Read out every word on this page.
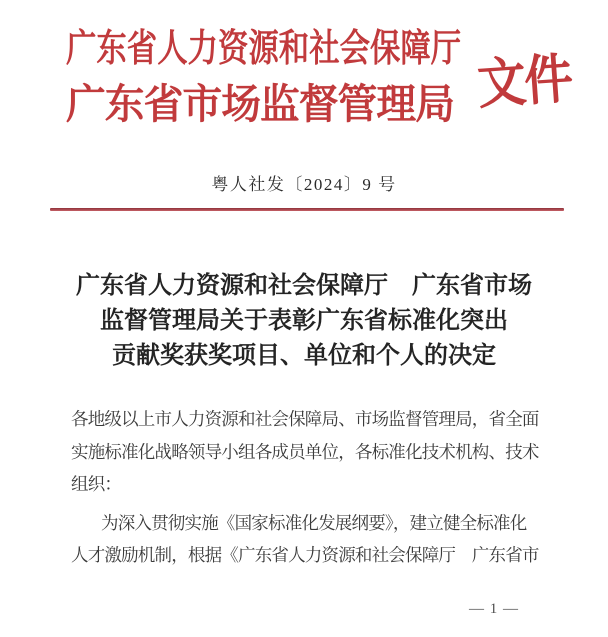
广东省人力资源和社会保障厅
广东省市场监督管理局 文件
粤人社发〔2024〕9 号
广东省人力资源和社会保障厅　广东省市场
监督管理局关于表彰广东省标准化突出
贡献奖获奖项目、单位和个人的决定
各地级以上市人力资源和社会保障局、市场监督管理局，省全面
实施标准化战略领导小组各成员单位，各标准化技术机构、技术
组织：
为深入贯彻实施《国家标准化发展纲要》，建立健全标准化
人才激励机制，根据《广东省人力资源和社会保障厅　广东省市
— 1 —
